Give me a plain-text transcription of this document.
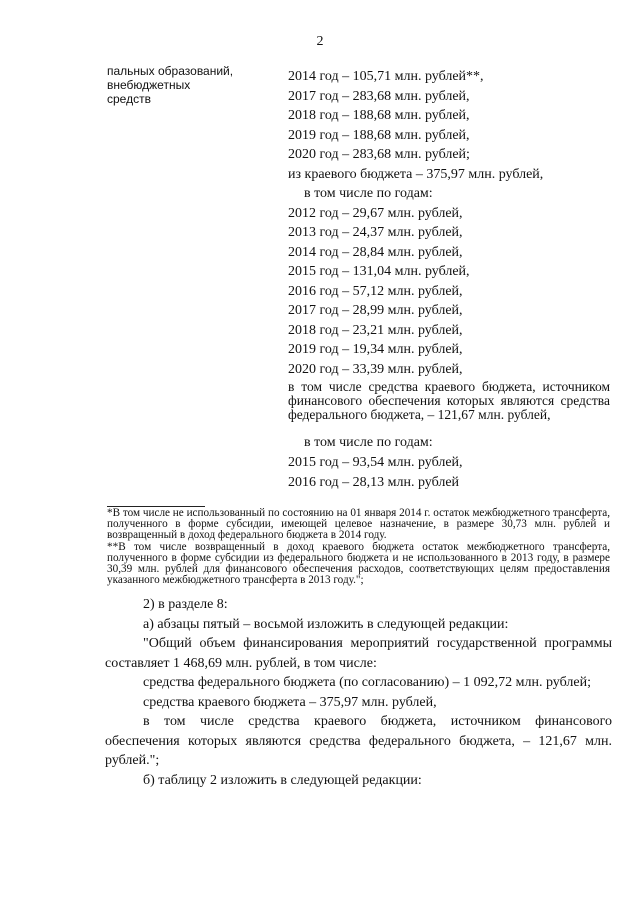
2
пальных образований,
внебюджетных
средств
2014 год – 105,71 млн. рублей**,
2017 год – 283,68 млн. рублей,
2018 год – 188,68 млн. рублей,
2019 год – 188,68 млн. рублей,
2020 год – 283,68 млн. рублей;
из краевого бюджета – 375,97 млн. рублей,
в том числе по годам:
2012 год – 29,67 млн. рублей,
2013 год – 24,37 млн. рублей,
2014 год – 28,84 млн. рублей,
2015 год – 131,04 млн. рублей,
2016 год – 57,12 млн. рублей,
2017 год – 28,99 млн. рублей,
2018 год – 23,21 млн. рублей,
2019 год – 19,34 млн. рублей,
2020 год – 33,39 млн. рублей,
в том числе средства краевого бюджета, источником финансового обеспечения которых являются средства федерального бюджета, – 121,67 млн. рублей,
в том числе по годам:
2015 год – 93,54 млн. рублей,
2016 год – 28,13 млн. рублей

*В том числе не использованный по состоянию на 01 января 2014 г. остаток межбюджетного трансферта, полученного в форме субсидии, имеющей целевое назначение, в размере 30,73 млн. рублей и возвращенный в доход федерального бюджета в 2014 году.

**В том числе возвращенный в доход краевого бюджета остаток межбюджетного трансферта, полученного в форме субсидии из федерального бюджета и не использованного в 2013 году, в размере 30,39 млн. рублей для финансового обеспечения расходов, соответствующих целям предоставления указанного межбюджетного трансферта в 2013 году.";

2) в разделе 8:

а) абзацы пятый – восьмой изложить в следующей редакции:

"Общий объем финансирования мероприятий государственной программы составляет 1 468,69 млн. рублей, в том числе:

средства федерального бюджета (по согласованию) – 1 092,72 млн. рублей;

средства краевого бюджета – 375,97 млн. рублей,

в том числе средства краевого бюджета, источником финансового обеспечения которых являются средства федерального бюджета, – 121,67 млн. рублей.";

б) таблицу 2 изложить в следующей редакции:
